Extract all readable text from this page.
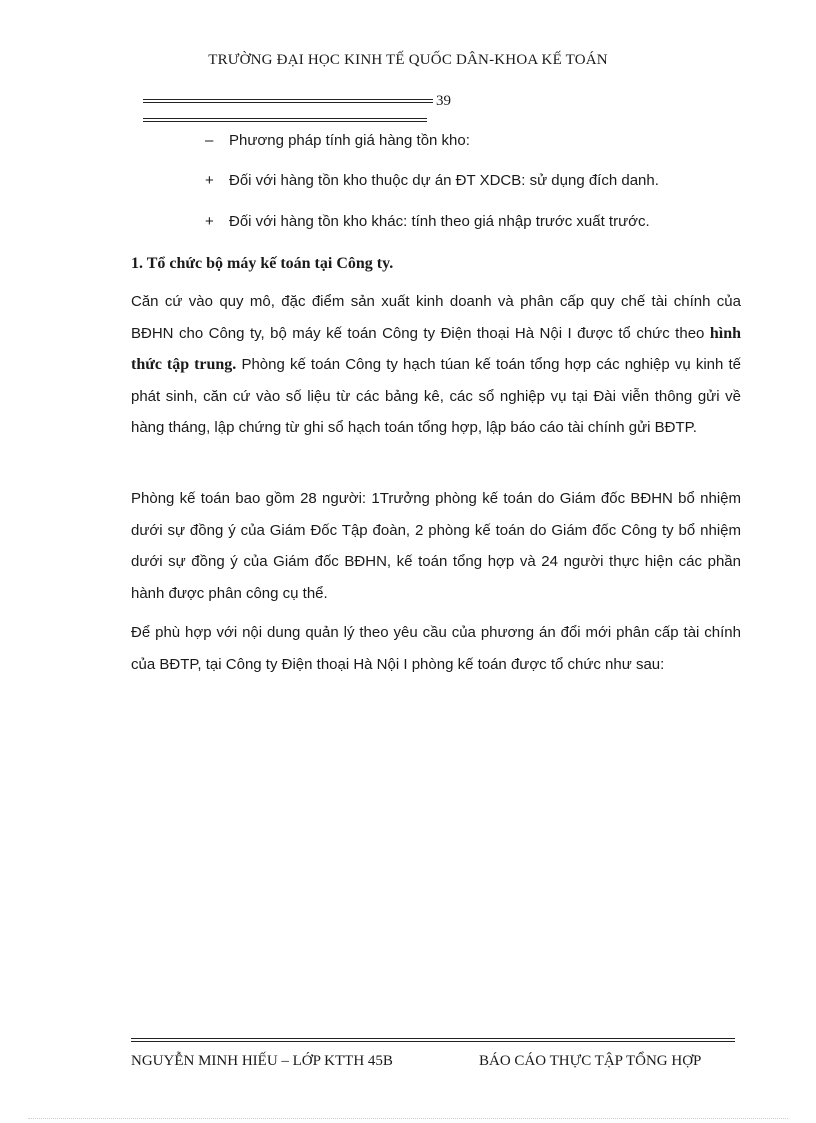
TRƯỜNG ĐẠI HỌC KINH TẾ QUỐC DÂN-KHOA KẾ TOÁN
39
–	Phương pháp tính giá hàng tồn kho:
+	Đối với hàng tồn kho thuộc dự án ĐT XDCB: sử dụng đích danh.
+	Đối với hàng tồn kho khác: tính theo giá nhập trước xuất trước.
1. Tổ chức bộ máy kế toán tại Công ty.

Căn cứ vào quy mô, đặc điểm sản xuất kinh doanh và phân cấp quy chế tài chính của BĐHN cho Công ty, bộ máy kế toán Công ty Điện thoại Hà Nội I được tổ chức theo hình thức tập trung. Phòng kế toán Công ty hạch túan kế toán tổng hợp các nghiệp vụ kinh tế phát sinh, căn cứ vào số liệu từ các bảng kê, các sổ nghiệp vụ tại Đài viễn thông gửi về hàng tháng, lập chứng từ ghi sổ hạch toán tổng hợp, lập báo cáo tài chính gửi BĐTP.

Phòng kế toán bao gồm 28 người: 1Trưởng phòng kế toán do Giám đốc BĐHN bổ nhiệm dưới sự đồng ý của Giám Đốc Tập đoàn, 2 phòng kế toán do Giám đốc Công ty bổ nhiệm dưới sự đồng ý của Giám đốc BĐHN, kế toán tổng hợp và 24 người thực hiện các phần hành được phân công cụ thể.

Để phù hợp với nội dung quản lý theo yêu cầu của phương án đổi mới phân cấp tài chính của BĐTP, tại Công ty Điện thoại Hà Nội I phòng kế toán được tổ chức như sau:

NGUYỄN MINH HIẾU – LỚP KTTH 45B	BÁO CÁO THỰC TẬP TỔNG HỢP
